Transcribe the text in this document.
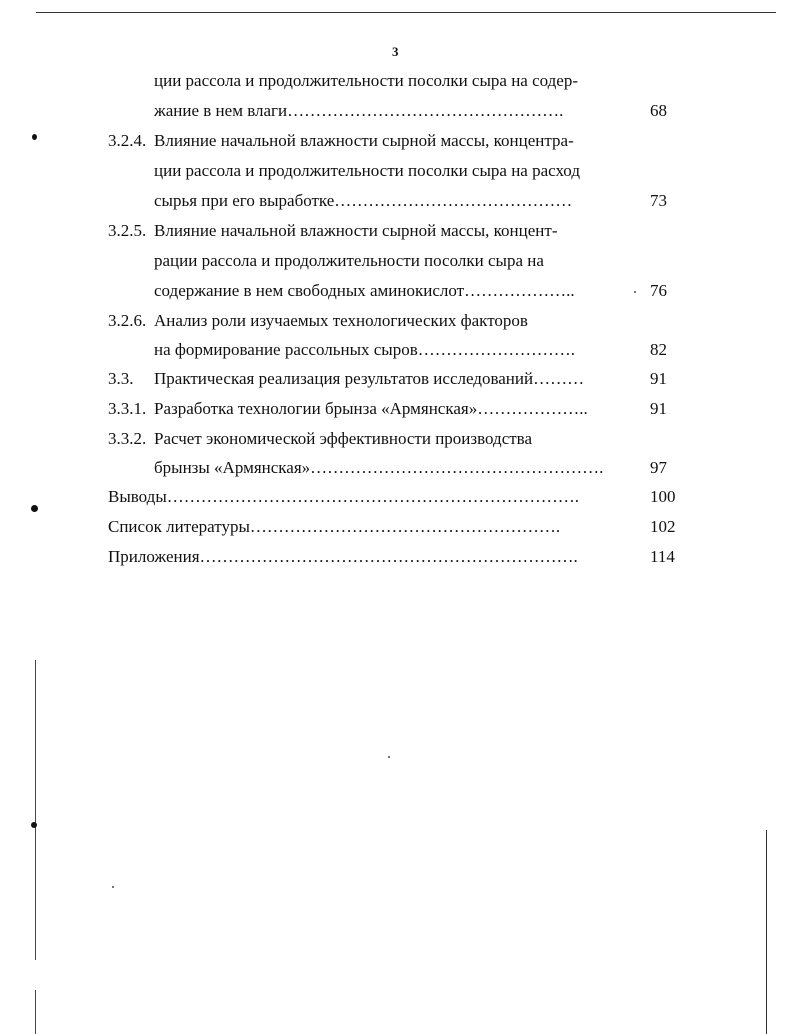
3
ции рассола и продолжительности посолки сыра на содер-
жание в нем влаги………………………………………….	68
3.2.4. Влияние начальной влажности сырной массы, концентра-
ции рассола и продолжительности посолки сыра на расход
сырья при его выработке……………………………………	73
3.2.5. Влияние начальной влажности сырной массы, концент-
рации рассола и продолжительности посолки сыра на
содержание в нем свободных аминокислот………………..	76
3.2.6. Анализ роли изучаемых технологических факторов
на формирование рассольных сыров……………………….	82
3.3. Практическая реализация результатов исследований………	91
3.3.1. Разработка технологии брынза «Армянская»………………..	91
3.3.2. Расчет экономической эффективности производства
брынзы «Армянская»…………………………………………….	97
Выводы……………………………………………………………….	100
Список литературы……………………………………………….	102
Приложения………………………………………………………….	114
